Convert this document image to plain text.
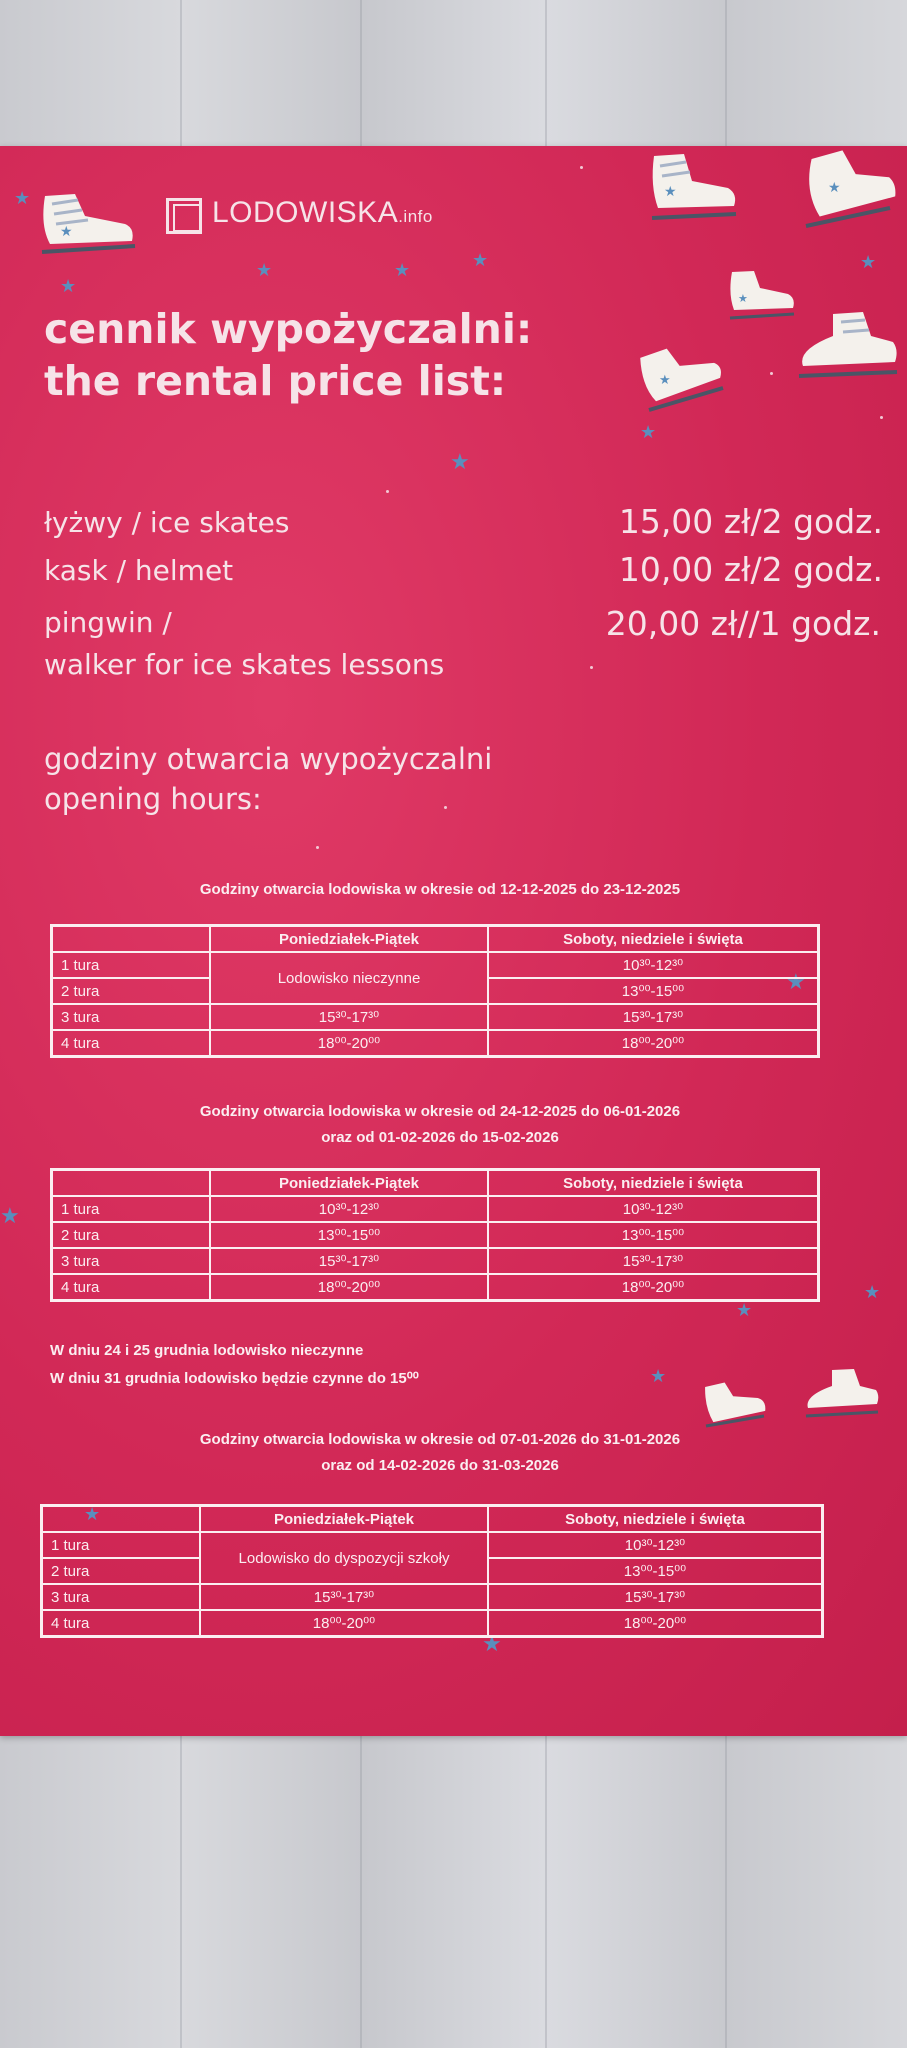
LODOWISKA.info
★
★	★
★
★
★
★
★	★	★
★
★
★
★
★
★
★
★
★
★
cennik wypożyczalni:
the rental price list:
łyżwy / ice skates	15,00 zł/2 godz.
kask / helmet	10,00 zł/2 godz.
pingwin /
walker for ice skates lessons
20,00 zł//1 godz.
godziny otwarcia wypożyczalni
opening hours:
Godziny otwarcia lodowiska w okresie od 12-12-2025 do 23-12-2025
	Poniedziałek-Piątek	Soboty, niedziele i święta
1 tura	Lodowisko nieczynne	10³⁰-12³⁰
2 tura		13⁰⁰-15⁰⁰
3 tura	15³⁰-17³⁰	15³⁰-17³⁰
4 tura	18⁰⁰-20⁰⁰	18⁰⁰-20⁰⁰
Godziny otwarcia lodowiska w okresie od 24-12-2025 do 06-01-2026
oraz od 01-02-2026 do 15-02-2026
	Poniedziałek-Piątek	Soboty, niedziele i święta
1 tura	10³⁰-12³⁰	10³⁰-12³⁰
2 tura	13⁰⁰-15⁰⁰	13⁰⁰-15⁰⁰
3 tura	15³⁰-17³⁰	15³⁰-17³⁰
4 tura	18⁰⁰-20⁰⁰	18⁰⁰-20⁰⁰
W dniu 24 i 25 grudnia lodowisko nieczynne
W dniu 31 grudnia lodowisko będzie czynne do 15⁰⁰
Godziny otwarcia lodowiska w okresie od 07-01-2026 do 31-01-2026
oraz od 14-02-2026 do 31-03-2026
	Poniedziałek-Piątek	Soboty, niedziele i święta
1 tura	Lodowisko do dyspozycji szkoły	10³⁰-12³⁰
2 tura		13⁰⁰-15⁰⁰
3 tura	15³⁰-17³⁰	15³⁰-17³⁰
4 tura	18⁰⁰-20⁰⁰	18⁰⁰-20⁰⁰
